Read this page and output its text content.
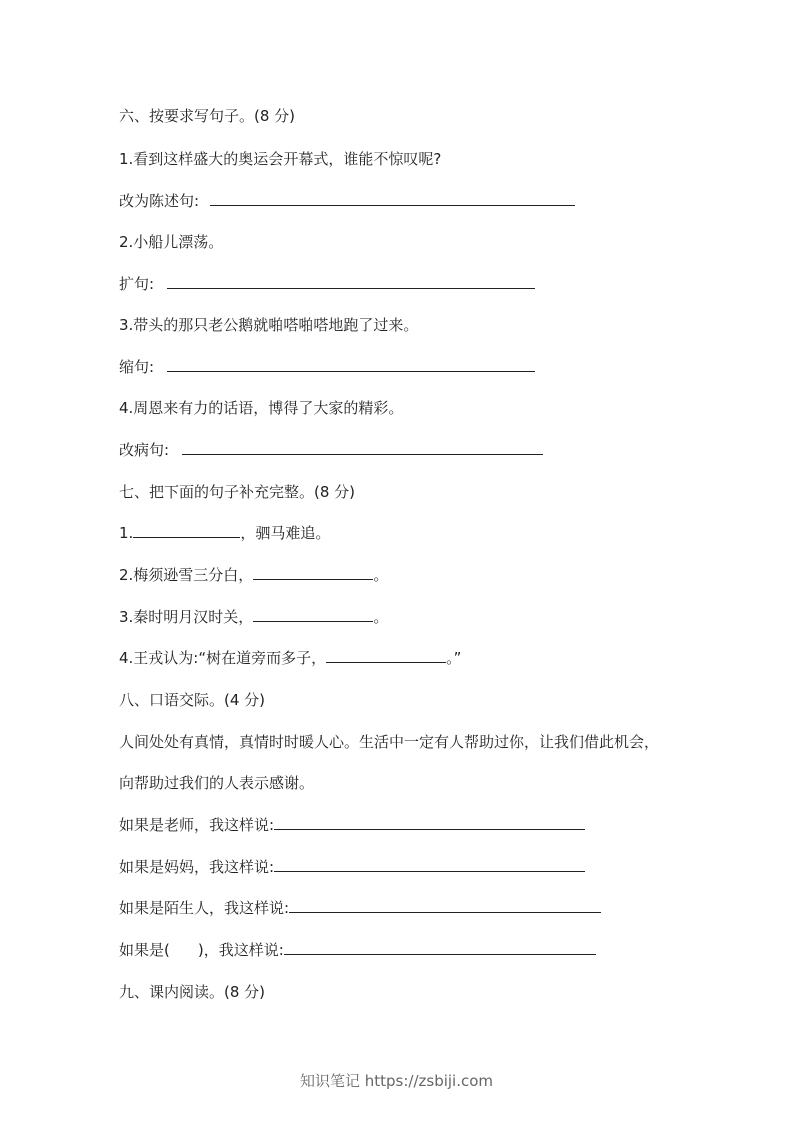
六、按要求写句子。(8 分)
1.看到这样盛大的奥运会开幕式，谁能不惊叹呢?
改为陈述句:
2.小船儿漂荡。
扩句:
3.带头的那只老公鹅就啪嗒啪嗒地跑了过来。
缩句:
4.周恩来有力的话语，博得了大家的精彩。
改病句:
七、把下面的句子补充完整。(8 分)
1.	，驷马难追。
2.梅须逊雪三分白，	。
3.秦时明月汉时关，	。
4.王戎认为:“树在道旁而多子，	。”
八、口语交际。(4 分)
人间处处有真情，真情时时暖人心。生活中一定有人帮助过你，让我们借此机会，
向帮助过我们的人表示感谢。
如果是老师，我这样说:
如果是妈妈，我这样说:
如果是陌生人，我这样说:
如果是( )，我这样说:
九、课内阅读。(8 分)
知识笔记 https://zsbiji.com
